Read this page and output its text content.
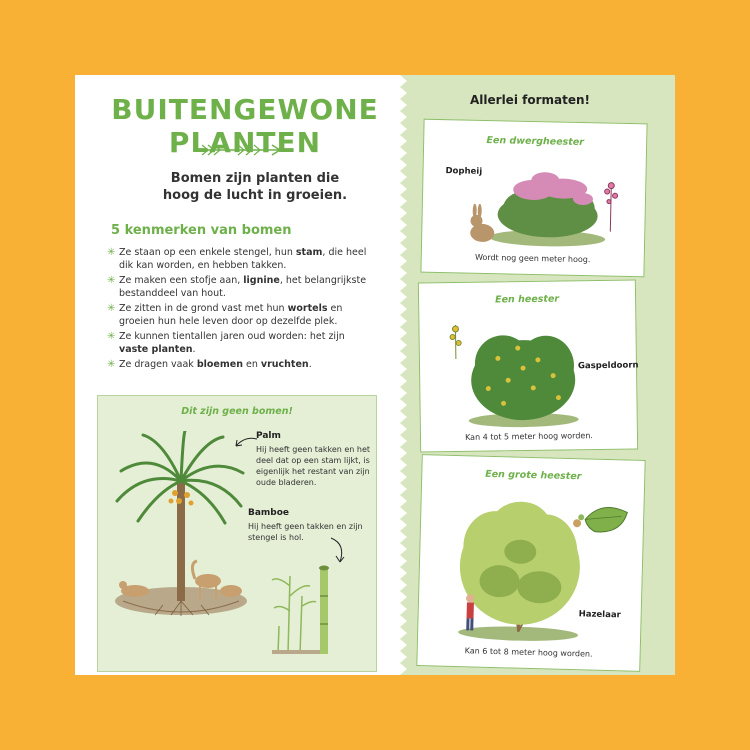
BUITENGEWONE PLANTEN
Bomen zijn planten die
hoog de lucht in groeien.
5 kenmerken van bomen
✳ Ze staan op een enkele stengel, hun stam, die heel dik kan worden, en hebben takken.
✳ Ze maken een stofje aan, lignine, het belangrijkste bestanddeel van hout.
✳ Ze zitten in de grond vast met hun wortels en groeien hun hele leven door op dezelfde plek.
✳ Ze kunnen tientallen jaren oud worden: het zijn vaste planten.
✳ Ze dragen vaak bloemen en vruchten.
Dit zijn geen bomen!
Palm
Hij heeft geen takken en het deel dat op een stam lijkt, is eigenlijk het restant van zijn oude bladeren.
Bamboe
Hij heeft geen takken en zijn stengel is hol.
Allerlei formaten!
Een dwergheester
Dopheij
Wordt nog geen meter hoog.
Een heester
Gaspeldoorn
Kan 4 tot 5 meter hoog worden.
Een grote heester
Hazelaar
Kan 6 tot 8 meter hoog worden.
